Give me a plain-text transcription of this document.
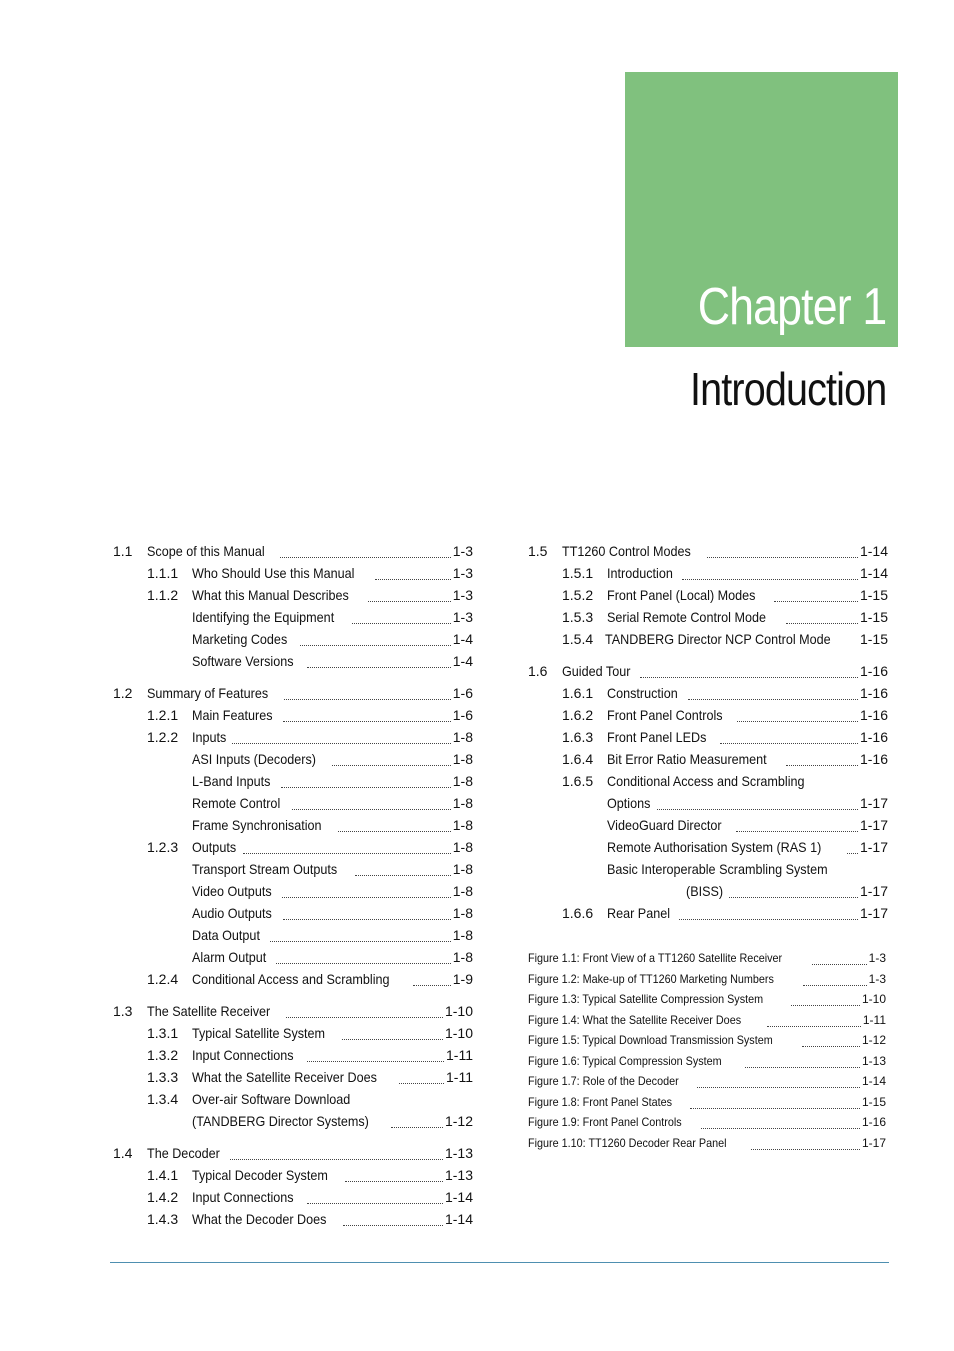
Chapter 1
Introduction
1.1	Scope of this Manual	1-3
1.1.1 Who Should Use this Manual	1-3
1.1.2 What this Manual Describes	1-3
Identifying the Equipment	1-3
Marketing Codes	1-4
Software Versions	1-4
1.2	Summary of Features	1-6
1.2.1 Main Features	1-6
1.2.2 Inputs	1-8
ASI Inputs (Decoders)	1-8
L-Band Inputs	1-8
Remote Control	1-8
Frame Synchronisation	1-8
1.2.3 Outputs	1-8
Transport Stream Outputs	1-8
Video Outputs	1-8
Audio Outputs	1-8
Data Output	1-8
Alarm Output	1-8
1.2.4 Conditional Access and Scrambling	1-9
1.3	The Satellite Receiver	1-10
1.3.1 Typical Satellite System	1-10
1.3.2 Input Connections	1-11
1.3.3 What the Satellite Receiver Does	1-11
1.3.4 Over-air Software Download
(TANDBERG Director Systems)	1-12
1.4	The Decoder	1-13
1.4.1 Typical Decoder System	1-13
1.4.2 Input Connections	1-14
1.4.3 What the Decoder Does	1-14
1.5	TT1260 Control Modes	1-14
1.5.1 Introduction	1-14
1.5.2 Front Panel (Local) Modes	1-15
1.5.3 Serial Remote Control Mode	1-15
1.5.4 TANDBERG Director NCP Control Mode 1-15
1.6	Guided Tour	1-16
1.6.1 Construction	1-16
1.6.2 Front Panel Controls	1-16
1.6.3 Front Panel LEDs	1-16
1.6.4 Bit Error Ratio Measurement	1-16
1.6.5 Conditional Access and Scrambling
Options	1-17
VideoGuard Director	1-17
Remote Authorisation System (RAS 1)	1-17
Basic Interoperable Scrambling System
(BISS)	1-17
1.6.6 Rear Panel	1-17
Figure 1.1: Front View of a TT1260 Satellite Receiver	1-3
Figure 1.2: Make-up of TT1260 Marketing Numbers	1-3
Figure 1.3: Typical Satellite Compression System	1-10
Figure 1.4: What the Satellite Receiver Does	1-11
Figure 1.5: Typical Download Transmission System	1-12
Figure 1.6: Typical Compression System	1-13
Figure 1.7: Role of the Decoder	1-14
Figure 1.8: Front Panel States	1-15
Figure 1.9: Front Panel Controls	1-16
Figure 1.10: TT1260 Decoder Rear Panel	1-17
